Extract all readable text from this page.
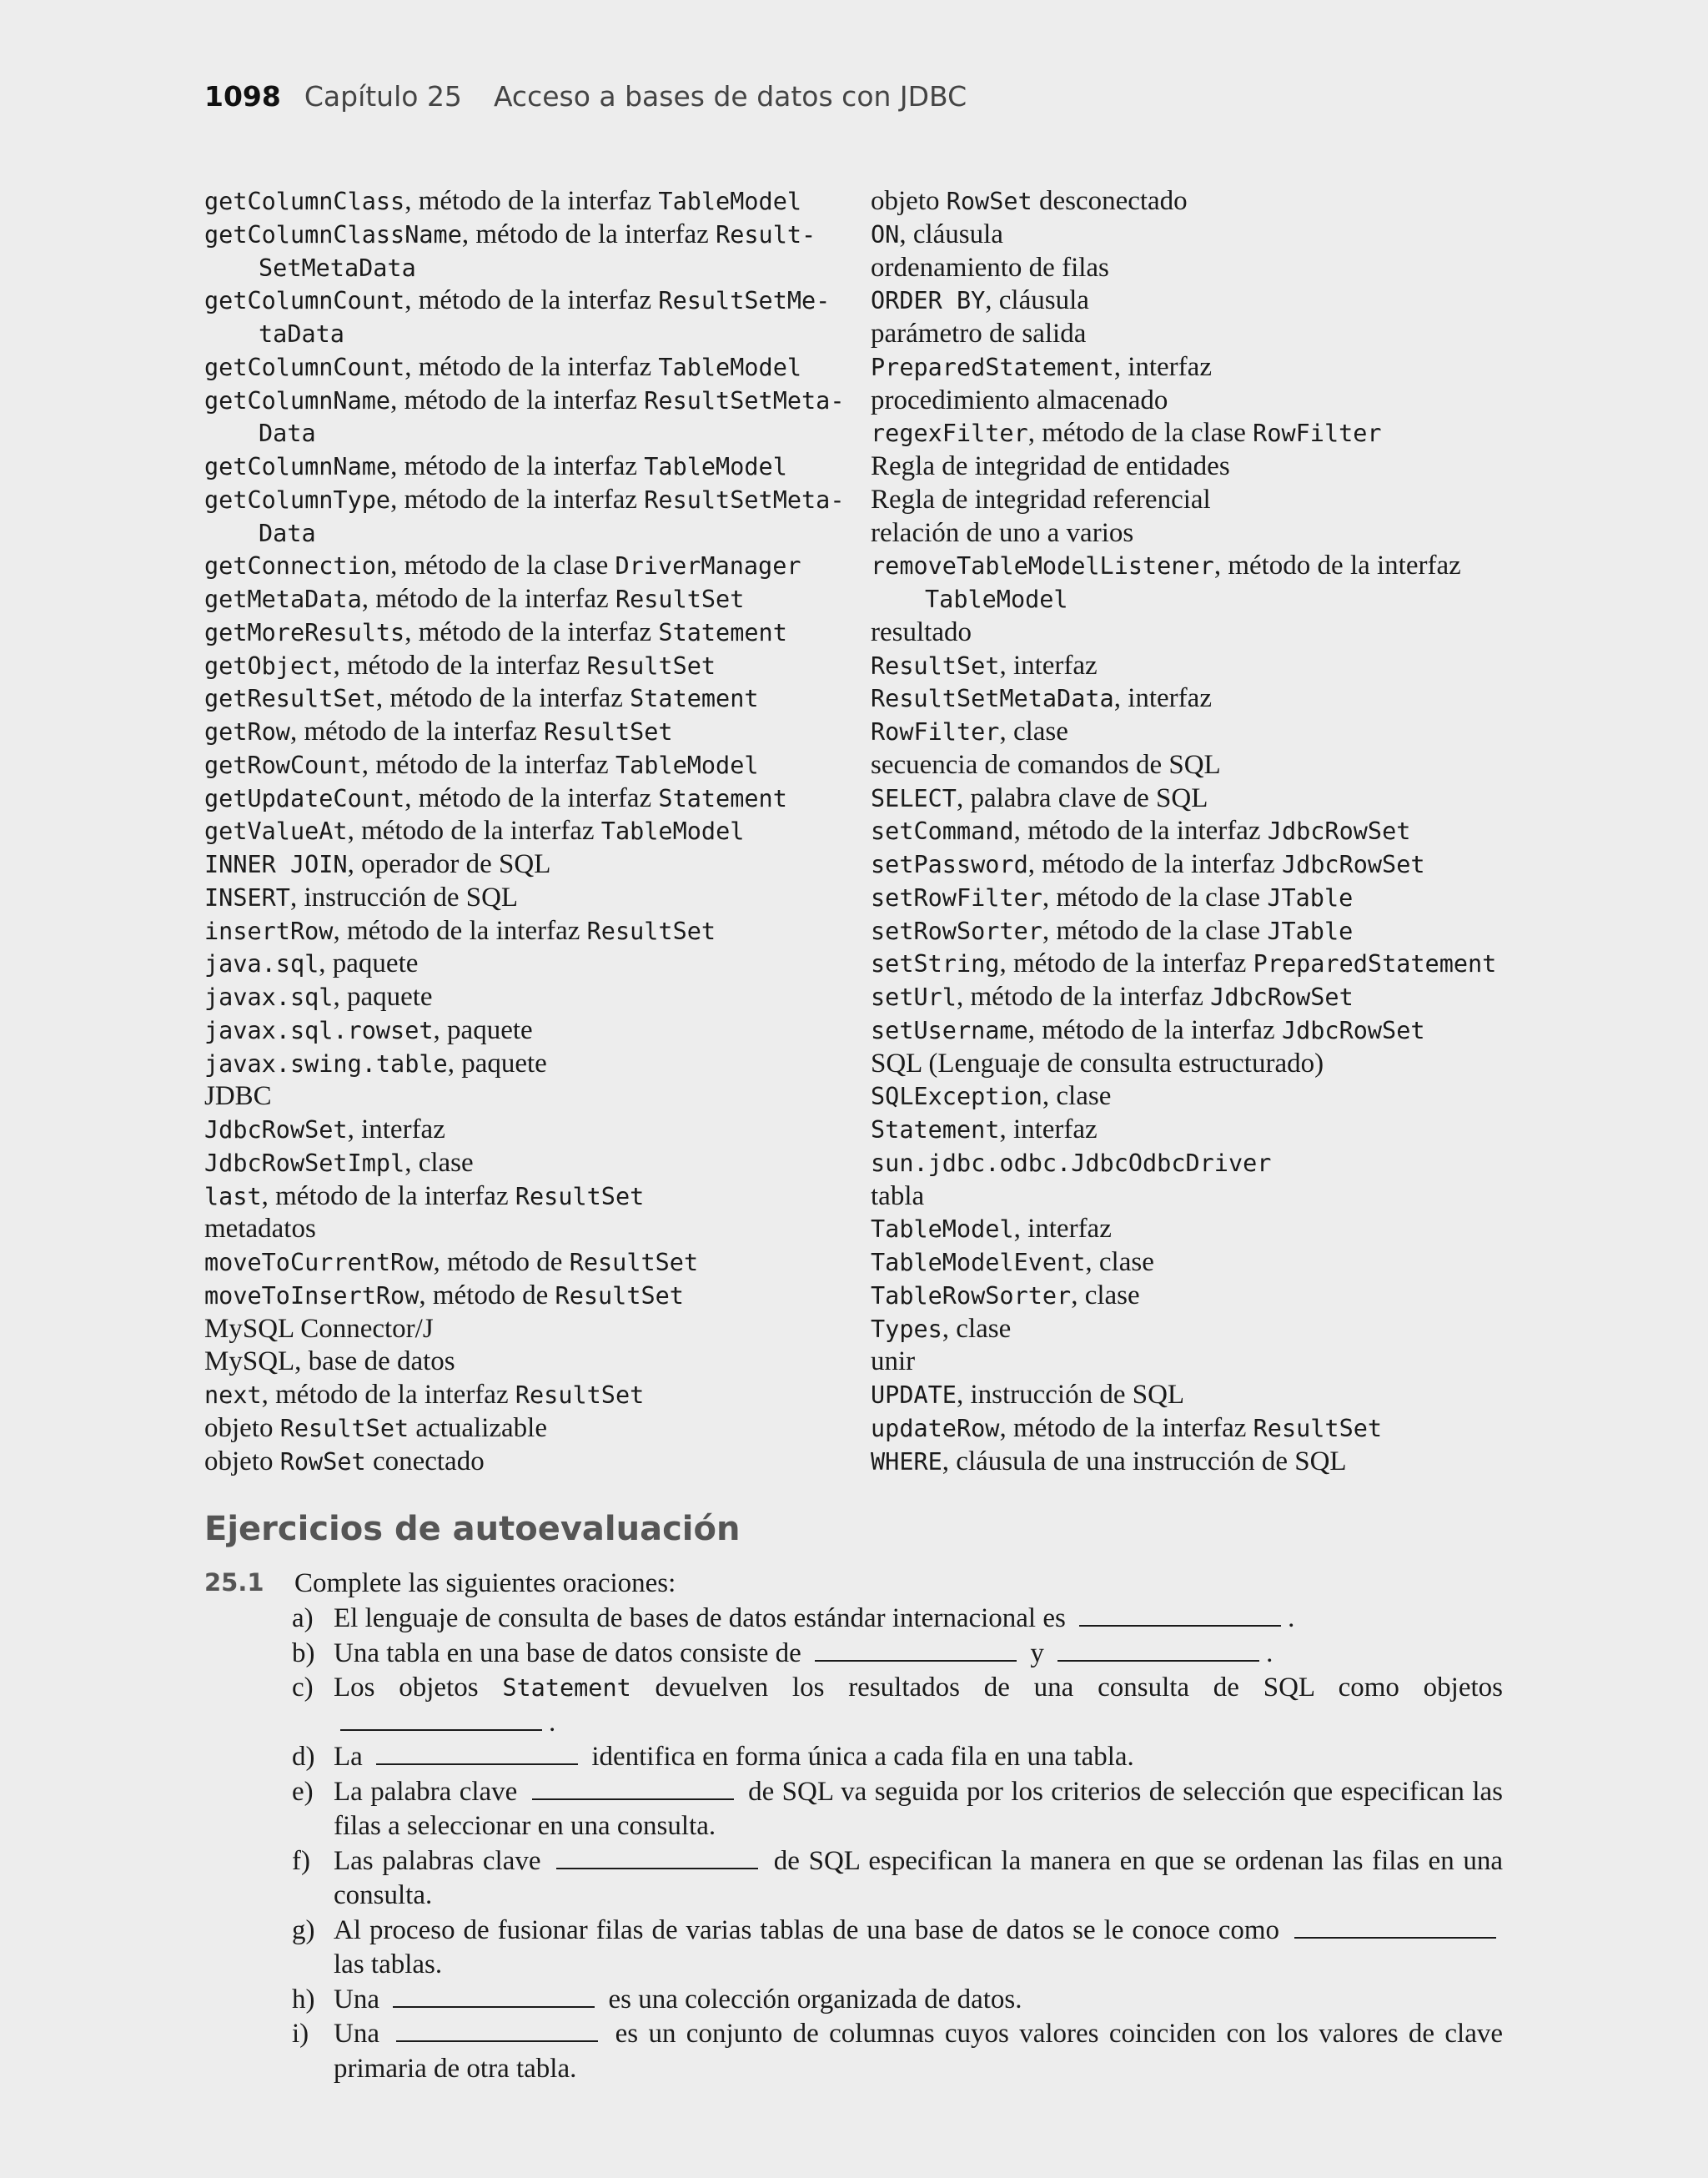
1098 Capítulo 25 Acceso a bases de datos con JDBC
getColumnClass, método de la interfaz TableModel
getColumnClassName, método de la interfaz Result-
SetMetaData
getColumnCount, método de la interfaz ResultSetMe-
taData
getColumnCount, método de la interfaz TableModel
getColumnName, método de la interfaz ResultSetMeta-
Data
getColumnName, método de la interfaz TableModel
getColumnType, método de la interfaz ResultSetMeta-
Data
getConnection, método de la clase DriverManager
getMetaData, método de la interfaz ResultSet
getMoreResults, método de la interfaz Statement
getObject, método de la interfaz ResultSet
getResultSet, método de la interfaz Statement
getRow, método de la interfaz ResultSet
getRowCount, método de la interfaz TableModel
getUpdateCount, método de la interfaz Statement
getValueAt, método de la interfaz TableModel
INNER JOIN, operador de SQL
INSERT, instrucción de SQL
insertRow, método de la interfaz ResultSet
java.sql, paquete
javax.sql, paquete
javax.sql.rowset, paquete
javax.swing.table, paquete
JDBC
JdbcRowSet, interfaz
JdbcRowSetImpl, clase
last, método de la interfaz ResultSet
metadatos
moveToCurrentRow, método de ResultSet
moveToInsertRow, método de ResultSet
MySQL Connector/J
MySQL, base de datos
next, método de la interfaz ResultSet
objeto ResultSet actualizable
objeto RowSet conectado
objeto RowSet desconectado
ON, cláusula
ordenamiento de filas
ORDER BY, cláusula
parámetro de salida
PreparedStatement, interfaz
procedimiento almacenado
regexFilter, método de la clase RowFilter
Regla de integridad de entidades
Regla de integridad referencial
relación de uno a varios
removeTableModelListener, método de la interfaz
TableModel
resultado
ResultSet, interfaz
ResultSetMetaData, interfaz
RowFilter, clase
secuencia de comandos de SQL
SELECT, palabra clave de SQL
setCommand, método de la interfaz JdbcRowSet
setPassword, método de la interfaz JdbcRowSet
setRowFilter, método de la clase JTable
setRowSorter, método de la clase JTable
setString, método de la interfaz PreparedStatement
setUrl, método de la interfaz JdbcRowSet
setUsername, método de la interfaz JdbcRowSet
SQL (Lenguaje de consulta estructurado)
SQLException, clase
Statement, interfaz
sun.jdbc.odbc.JdbcOdbcDriver
tabla
TableModel, interfaz
TableModelEvent, clase
TableRowSorter, clase
Types, clase
unir
UPDATE, instrucción de SQL
updateRow, método de la interfaz ResultSet
WHERE, cláusula de una instrucción de SQL
Ejercicios de autoevaluación
25.1 Complete las siguientes oraciones:
a) El lenguaje de consulta de bases de datos estándar internacional es	.
b) Una tabla en una base de datos consiste de	y	.
c) Los objetos Statement devuelven los resultados de una consulta de SQL como objetos .
d) La	identifica en forma única a cada fila en una tabla.
e) La palabra clave	de SQL va seguida por los criterios de selección que especifican las filas a seleccionar en una consulta.
f) Las palabras clave	de SQL especifican la manera en que se ordenan las filas en una consulta.
g) Al proceso de fusionar filas de varias tablas de una base de datos se le conoce como  las tablas.
h) Una	es una colección organizada de datos.
i) Una	es un conjunto de columnas cuyos valores coinciden con los valores de clave primaria de otra tabla.
